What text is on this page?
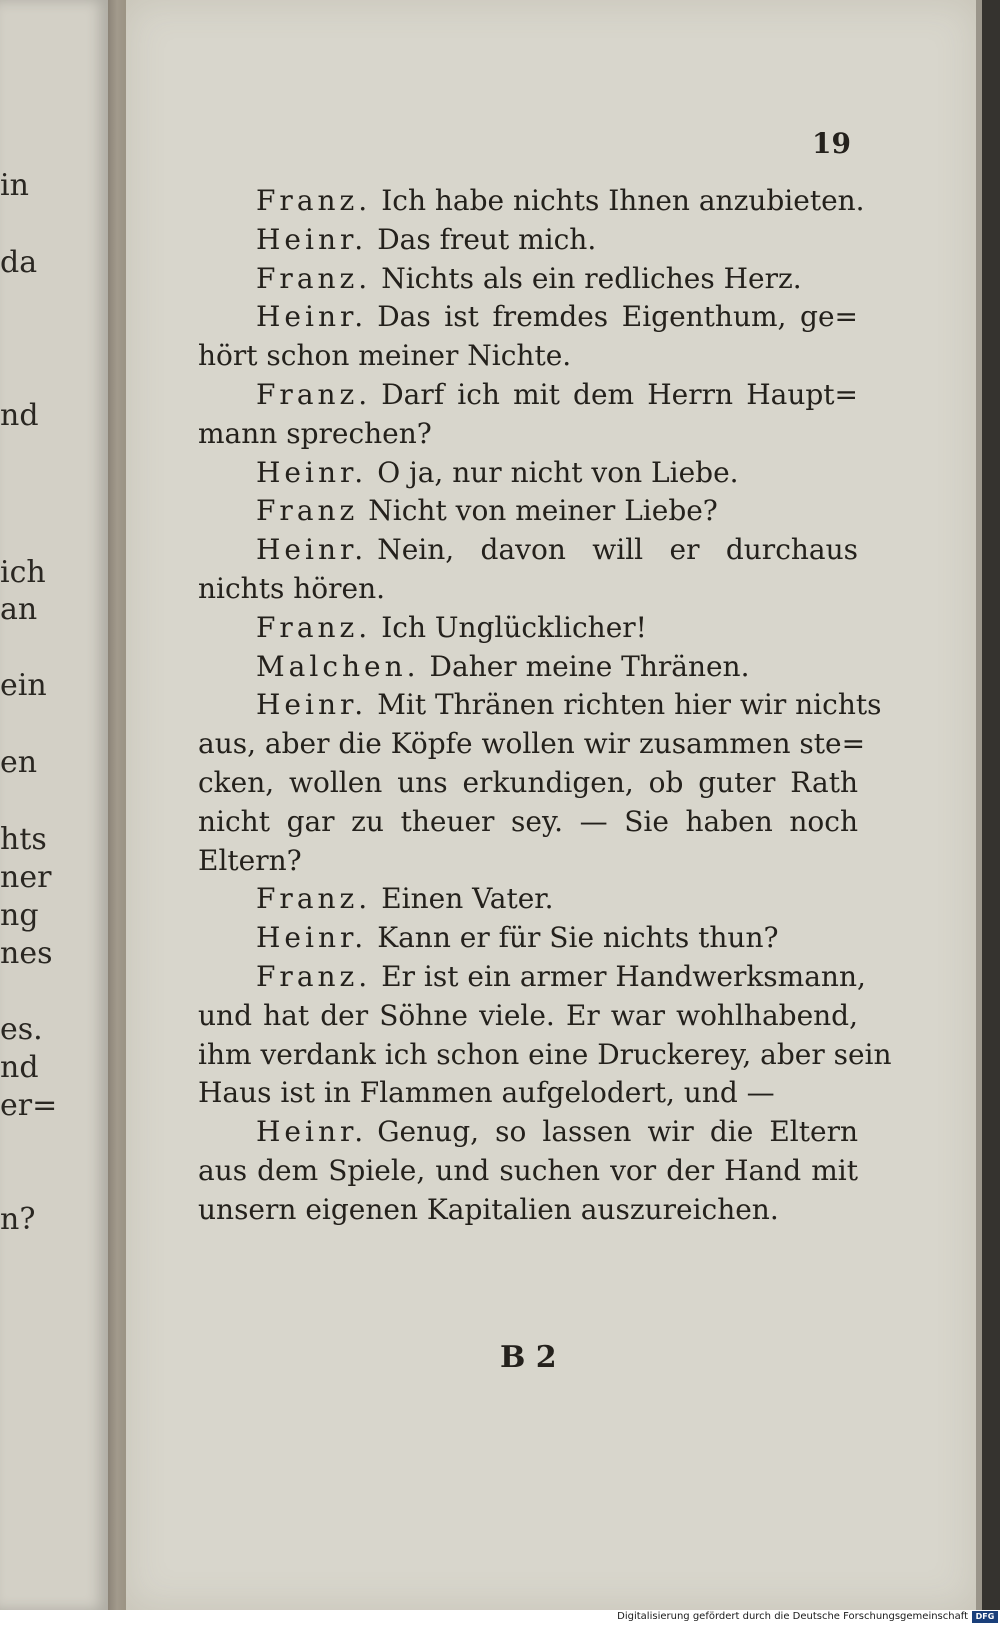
in
da
nd
ich
an
ein
en
hts
ner
ng
nes
es.
nd
er=
n?
19
Franz. Ich habe nichts Ihnen anzubieten.
Heinr. Das freut mich.
Franz. Nichts als ein redliches Herz.
Heinr. Das ist fremdes Eigenthum, ge=
hört schon meiner Nichte.
Franz. Darf ich mit dem Herrn Haupt=
mann sprechen?
Heinr. O ja, nur nicht von Liebe.
Franz Nicht von meiner Liebe?
Heinr. Nein, davon will er durchaus
nichts hören.
Franz. Ich Unglücklicher!
Malchen. Daher meine Thränen.
Heinr. Mit Thränen richten hier wir nichts
aus, aber die Köpfe wollen wir zusammen ste=
cken, wollen uns erkundigen, ob guter Rath
nicht gar zu theuer sey. — Sie haben noch
Eltern?
Franz. Einen Vater.
Heinr. Kann er für Sie nichts thun?
Franz. Er ist ein armer Handwerksmann,
und hat der Söhne viele. Er war wohlhabend,
ihm verdank ich schon eine Druckerey, aber sein
Haus ist in Flammen aufgelodert, und —
Heinr. Genug, so lassen wir die Eltern
aus dem Spiele, und suchen vor der Hand mit
unsern eigenen Kapitalien auszureichen.
B 2
Digitalisierung gefördert durch die Deutsche Forschungsgemeinschaft DFG
